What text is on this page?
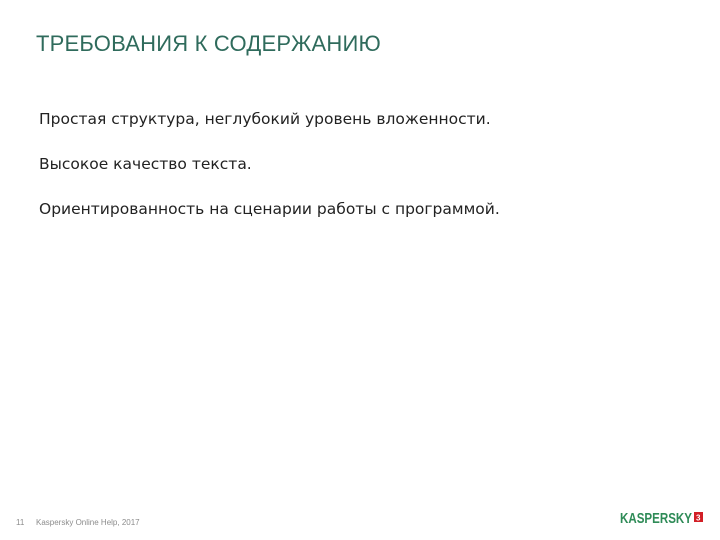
ТРЕБОВАНИЯ К СОДЕРЖАНИЮ
Простая структура, неглубокий уровень вложенности.
Высокое качество текста.
Ориентированность на сценарии работы с программой.
11 Kaspersky Online Help, 2017	KASPERSKY 3
